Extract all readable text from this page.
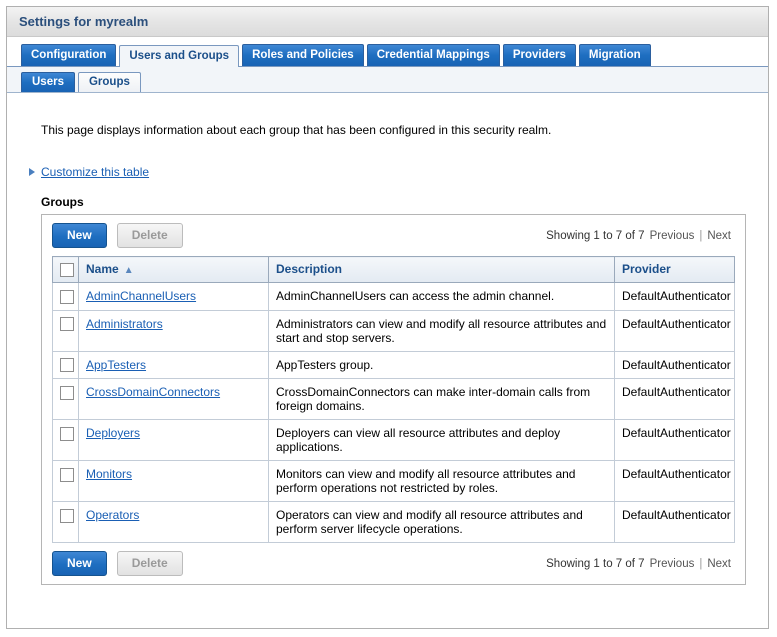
Settings for myrealm
Configuration	Users and Groups	Roles and Policies	Credential Mappings	Providers	Migration
Users	Groups
This page displays information about each group that has been configured in this security realm.
Customize this table
Groups
New	Delete	Showing 1 to 7 of 7 Previous | Next
	Name ▲	Description	Provider
	AdminChannelUsers	AdminChannelUsers can access the admin channel.	DefaultAuthenticator
	Administrators	Administrators can view and modify all resource attributes and start and stop servers.	DefaultAuthenticator
	AppTesters	AppTesters group.	DefaultAuthenticator
	CrossDomainConnectors	CrossDomainConnectors can make inter-domain calls from foreign domains.	DefaultAuthenticator
	Deployers	Deployers can view all resource attributes and deploy applications.	DefaultAuthenticator
	Monitors	Monitors can view and modify all resource attributes and perform operations not restricted by roles.	DefaultAuthenticator
	Operators	Operators can view and modify all resource attributes and perform server lifecycle operations.	DefaultAuthenticator
New	Delete	Showing 1 to 7 of 7 Previous | Next
